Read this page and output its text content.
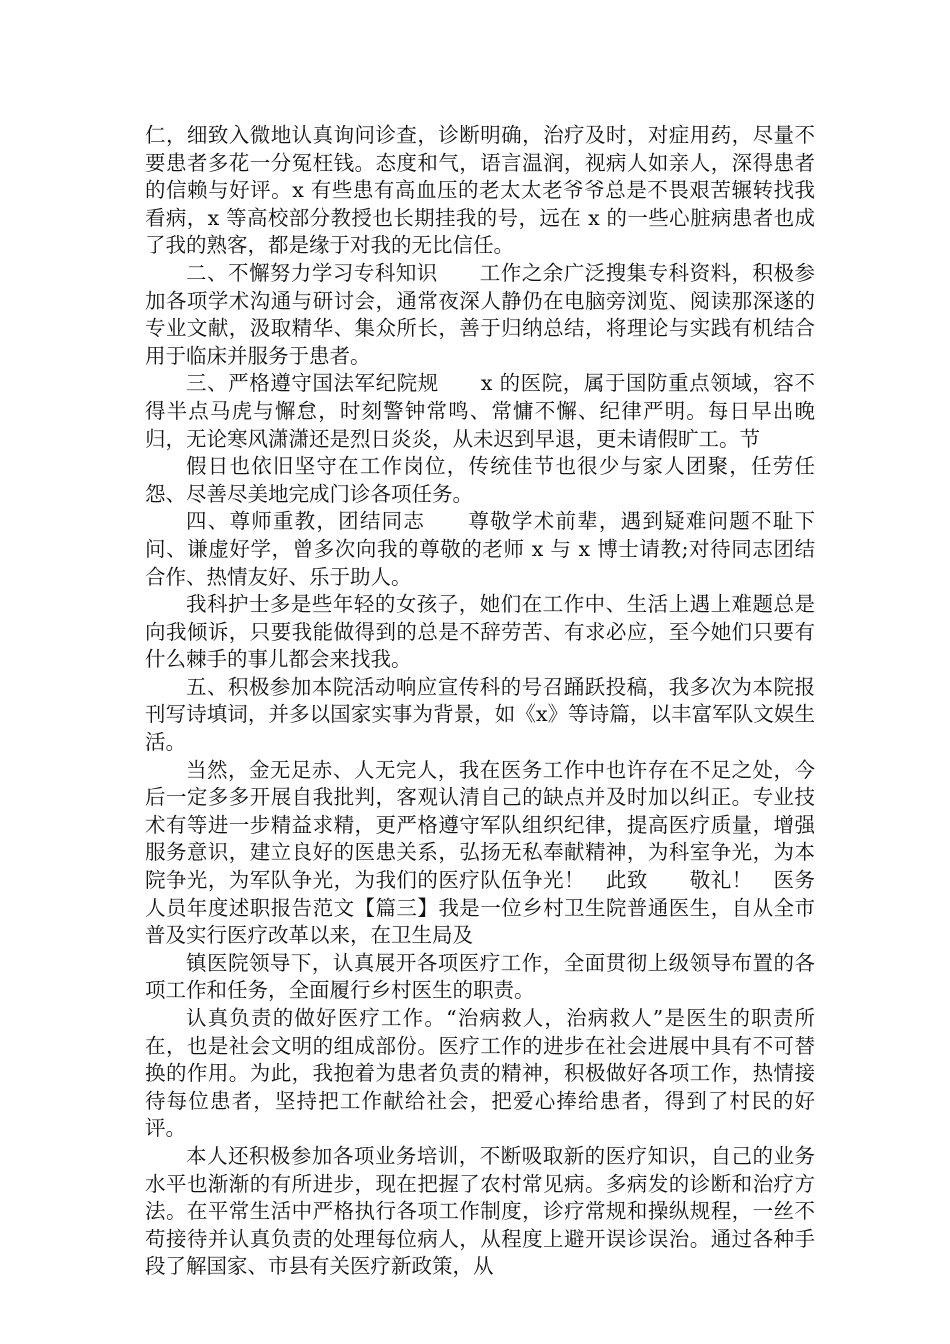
仁，细致入微地认真询问诊查，诊断明确，治疗及时，对症用药，尽量不要患者多花一分冤枉钱。态度和气，语言温润，视病人如亲人，深得患者的信赖与好评。x 有些患有高血压的老太太老爷爷总是不畏艰苦辗转找我看病，x 等高校部分教授也长期挂我的号，远在 x 的一些心脏病患者也成了我的熟客，都是缘于对我的无比信任。

二、不懈努力学习专科知识　　工作之余广泛搜集专科资料，积极参加各项学术沟通与研讨会，通常夜深人静仍在电脑旁浏览、阅读那深遂的专业文献，汲取精华、集众所长，善于归纳总结，将理论与实践有机结合用于临床并服务于患者。

三、严格遵守国法军纪院规　　x 的医院，属于国防重点领域，容不得半点马虎与懈怠，时刻警钟常鸣、常慵不懈、纪律严明。每日早出晚归，无论寒风潇潇还是烈日炎炎，从未迟到早退，更未请假旷工。节

假日也依旧坚守在工作岗位，传统佳节也很少与家人团聚，任劳任怨、尽善尽美地完成门诊各项任务。

四、尊师重教，团结同志　　尊敬学术前辈，遇到疑难问题不耻下问、谦虚好学，曾多次向我的尊敬的老师 x 与 x 博士请教;对待同志团结合作、热情友好、乐于助人。

我科护士多是些年轻的女孩子，她们在工作中、生活上遇上难题总是向我倾诉，只要我能做得到的总是不辞劳苦、有求必应，至今她们只要有什么棘手的事儿都会来找我。

五、积极参加本院活动响应宣传科的号召踊跃投稿，我多次为本院报刊写诗填词，并多以国家实事为背景，如《x》等诗篇，以丰富军队文娱生活。

当然，金无足赤、人无完人，我在医务工作中也许存在不足之处，今后一定多多开展自我批判，客观认清自己的缺点并及时加以纠正。专业技术有等进一步精益求精，更严格遵守军队组织纪律，提高医疗质量，增强服务意识，建立良好的医患关系，弘扬无私奉献精神，为科室争光，为本院争光，为军队争光，为我们的医疗队伍争光！　此致　　敬礼！　医务人员年度述职报告范文【篇三】我是一位乡村卫生院普通医生，自从全市普及实行医疗改革以来，在卫生局及

镇医院领导下，认真展开各项医疗工作，全面贯彻上级领导布置的各项工作和任务，全面履行乡村医生的职责。

认真负责的做好医疗工作。“治病救人，治病救人”是医生的职责所在，也是社会文明的组成部份。医疗工作的进步在社会进展中具有不可替换的作用。为此，我抱着为患者负责的精神，积极做好各项工作，热情接待每位患者，坚持把工作献给社会，把爱心捧给患者，得到了村民的好评。

本人还积极参加各项业务培训，不断吸取新的医疗知识，自己的业务水平也渐渐的有所进步，现在把握了农村常见病。多病发的诊断和治疗方法。在平常生活中严格执行各项工作制度，诊疗常规和操纵规程，一丝不苟接待并认真负责的处理每位病人，从程度上避开误诊误治。通过各种手段了解国家、市县有关医疗新政策，从
